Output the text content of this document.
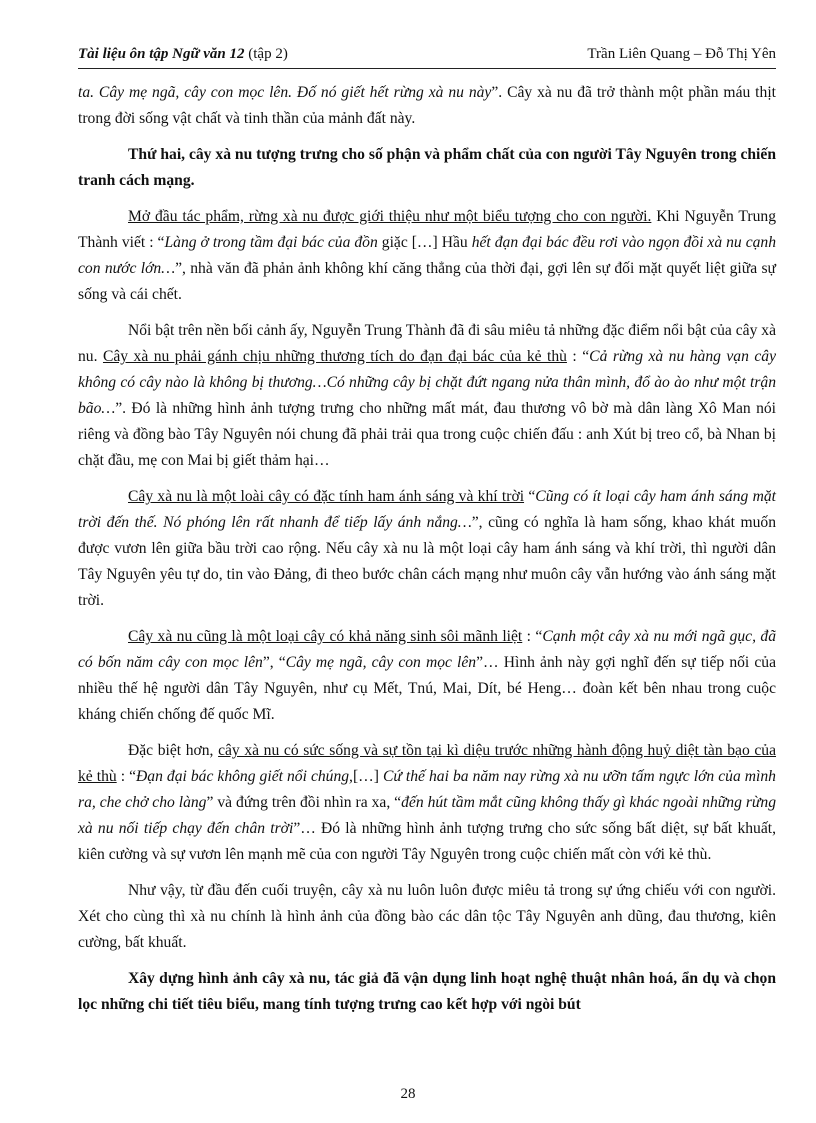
Tài liệu ôn tập Ngữ văn 12 (tập 2)	Trần Liên Quang – Đỗ Thị Yên

ta. Cây mẹ ngã, cây con mọc lên. Đố nó giết hết rừng xà nu này”. Cây xà nu đã trở thành một phần máu thịt trong đời sống vật chất và tinh thần của mảnh đất này.

Thứ hai, cây xà nu tượng trưng cho số phận và phẩm chất của con người Tây Nguyên trong chiến tranh cách mạng.

Mở đầu tác phẩm, rừng xà nu được giới thiệu như một biểu tượng cho con người. Khi Nguyễn Trung Thành viết : “Làng ở trong tầm đại bác của đồn giặc […] Hầu hết đạn đại bác đều rơi vào ngọn đồi xà nu cạnh con nước lớn…”, nhà văn đã phản ảnh không khí căng thẳng của thời đại, gợi lên sự đối mặt quyết liệt giữa sự sống và cái chết.

Nổi bật trên nền bối cảnh ấy, Nguyễn Trung Thành đã đi sâu miêu tả những đặc điểm nổi bật của cây xà nu. Cây xà nu phải gánh chịu những thương tích do đạn đại bác của kẻ thù : “Cả rừng xà nu hàng vạn cây không có cây nào là không bị thương…Có những cây bị chặt đứt ngang nửa thân mình, đổ ào ào như một trận bão…”. Đó là những hình ảnh tượng trưng cho những mất mát, đau thương vô bờ mà dân làng Xô Man nói riêng và đồng bào Tây Nguyên nói chung đã phải trải qua trong cuộc chiến đấu : anh Xút bị treo cổ, bà Nhan bị chặt đầu, mẹ con Mai bị giết thảm hại…

Cây xà nu là một loài cây có đặc tính ham ánh sáng và khí trời “Cũng có ít loại cây ham ánh sáng mặt trời đến thế. Nó phóng lên rất nhanh để tiếp lấy ánh nắng…”, cũng có nghĩa là ham sống, khao khát muốn được vươn lên giữa bầu trời cao rộng. Nếu cây xà nu là một loại cây ham ánh sáng và khí trời, thì người dân Tây Nguyên yêu tự do, tin vào Đảng, đi theo bước chân cách mạng như muôn cây vẫn hướng vào ánh sáng mặt trời.

Cây xà nu cũng là một loại cây có khả năng sinh sôi mãnh liệt : “Cạnh một cây xà nu mới ngã gục, đã có bốn năm cây con mọc lên”, “Cây mẹ ngã, cây con mọc lên”… Hình ảnh này gợi nghĩ đến sự tiếp nối của nhiều thế hệ người dân Tây Nguyên, như cụ Mết, Tnú, Mai, Dít, bé Heng… đoàn kết bên nhau trong cuộc kháng chiến chống đế quốc Mĩ.

Đặc biệt hơn, cây xà nu có sức sống và sự tồn tại kì diệu trước những hành động huỷ diệt tàn bạo của kẻ thù : “Đạn đại bác không giết nổi chúng,[…] Cứ thế hai ba năm nay rừng xà nu ưỡn tấm ngực lớn của mình ra, che chở cho làng” và đứng trên đồi nhìn ra xa, “đến hút tầm mắt cũng không thấy gì khác ngoài những rừng xà nu nối tiếp chạy đến chân trời”… Đó là những hình ảnh tượng trưng cho sức sống bất diệt, sự bất khuất, kiên cường và sự vươn lên mạnh mẽ của con người Tây Nguyên trong cuộc chiến mất còn với kẻ thù.

Như vậy, từ đầu đến cuối truyện, cây xà nu luôn luôn được miêu tả trong sự ứng chiếu với con người. Xét cho cùng thì xà nu chính là hình ảnh của đồng bào các dân tộc Tây Nguyên anh dũng, đau thương, kiên cường, bất khuất.

Xây dựng hình ảnh cây xà nu, tác giả đã vận dụng linh hoạt nghệ thuật nhân hoá, ẩn dụ và chọn lọc những chi tiết tiêu biểu, mang tính tượng trưng cao kết hợp với ngòi bút

28
